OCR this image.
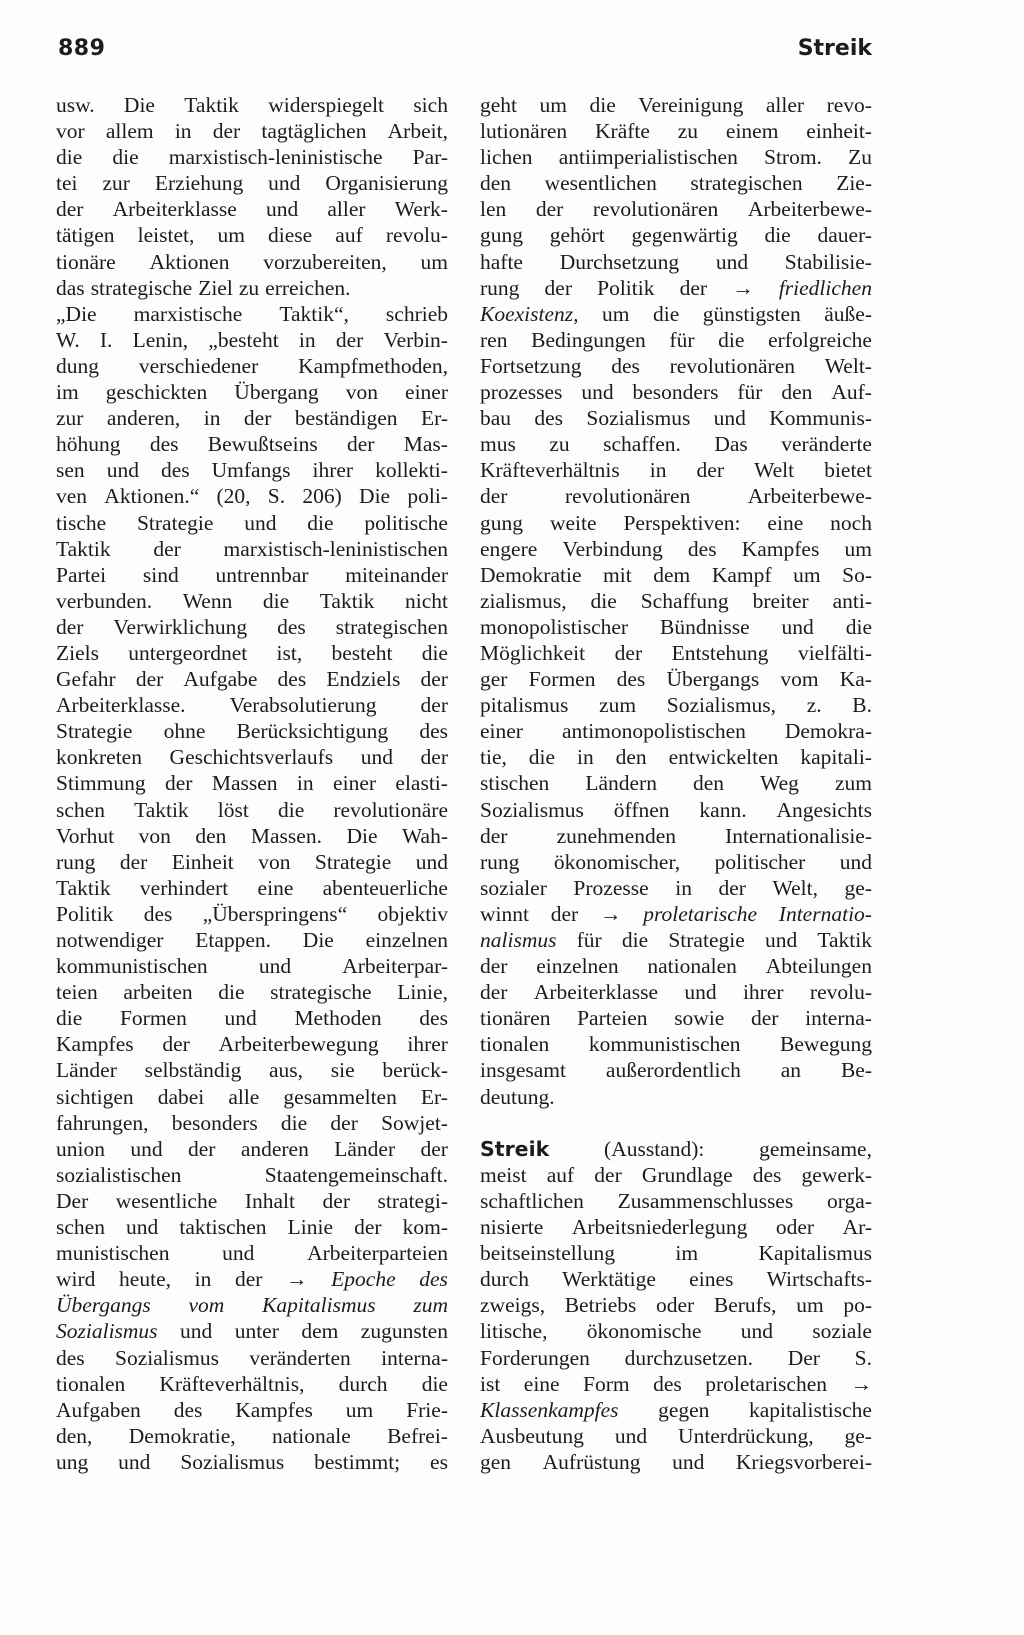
889	Streik
usw. Die Taktik widerspiegelt sich
vor allem in der tagtäglichen Arbeit,
die die marxistisch-leninistische Par-
tei zur Erziehung und Organisierung
der Arbeiterklasse und aller Werk-
tätigen leistet, um diese auf revolu-
tionäre Aktionen vorzubereiten, um
das strategische Ziel zu erreichen.
„Die marxistische Taktik“, schrieb
W. I. Lenin, „besteht in der Verbin-
dung verschiedener Kampfmethoden,
im geschickten Übergang von einer
zur anderen, in der beständigen Er-
höhung des Bewußtseins der Mas-
sen und des Umfangs ihrer kollekti-
ven Aktionen.“ (20, S. 206) Die poli-
tische Strategie und die politische
Taktik der marxistisch-leninistischen
Partei sind untrennbar miteinander
verbunden. Wenn die Taktik nicht
der Verwirklichung des strategischen
Ziels untergeordnet ist, besteht die
Gefahr der Aufgabe des Endziels der
Arbeiterklasse. Verabsolutierung der
Strategie ohne Berücksichtigung des
konkreten Geschichtsverlaufs und der
Stimmung der Massen in einer elasti-
schen Taktik löst die revolutionäre
Vorhut von den Massen. Die Wah-
rung der Einheit von Strategie und
Taktik verhindert eine abenteuerliche
Politik des „Überspringens“ objektiv
notwendiger Etappen. Die einzelnen
kommunistischen und Arbeiterpar-
teien arbeiten die strategische Linie,
die Formen und Methoden des
Kampfes der Arbeiterbewegung ihrer
Länder selbständig aus, sie berück-
sichtigen dabei alle gesammelten Er-
fahrungen, besonders die der Sowjet-
union und der anderen Länder der
sozialistischen	Staatengemeinschaft.
Der wesentliche Inhalt der strategi-
schen und taktischen Linie der kom-
munistischen und Arbeiterparteien
wird heute, in der → Epoche des
Übergangs vom Kapitalismus zum
Sozialismus und unter dem zugunsten
des Sozialismus veränderten interna-
tionalen Kräfteverhältnis, durch die
Aufgaben des Kampfes um Frie-
den, Demokratie, nationale Befrei-
ung und Sozialismus bestimmt; es
geht um die Vereinigung aller revo-
lutionären Kräfte zu einem einheit-
lichen antiimperialistischen Strom. Zu
den wesentlichen strategischen Zie-
len der revolutionären Arbeiterbewe-
gung gehört gegenwärtig die dauer-
hafte Durchsetzung und Stabilisie-
rung der Politik der → friedlichen
Koexistenz, um die günstigsten äuße-
ren Bedingungen für die erfolgreiche
Fortsetzung des revolutionären Welt-
prozesses und besonders für den Auf-
bau des Sozialismus und Kommunis-
mus zu schaffen. Das veränderte
Kräfteverhältnis in der Welt bietet
der	revolutionären	Arbeiterbewe-
gung weite Perspektiven: eine noch
engere Verbindung des Kampfes um
Demokratie mit dem Kampf um So-
zialismus, die Schaffung breiter anti-
monopolistischer Bündnisse und die
Möglichkeit der Entstehung vielfälti-
ger Formen des Übergangs vom Ka-
pitalismus zum Sozialismus, z. B.
einer antimonopolistischen Demokra-
tie, die in den entwickelten kapitali-
stischen Ländern den Weg zum
Sozialismus öffnen kann. Angesichts
der zunehmenden Internationalisie-
rung ökonomischer, politischer und
sozialer Prozesse in der Welt, ge-
winnt der → proletarische Internatio-
nalismus für die Strategie und Taktik
der einzelnen nationalen Abteilungen
der Arbeiterklasse und ihrer revolu-
tionären Parteien sowie der interna-
tionalen kommunistischen Bewegung
insgesamt außerordentlich an Be-
deutung.
Streik	(Ausstand):	gemeinsame,
meist auf der Grundlage des gewerk-
schaftlichen Zusammenschlusses orga-
nisierte Arbeitsniederlegung oder Ar-
beitseinstellung	im	Kapitalismus
durch Werktätige eines Wirtschafts-
zweigs, Betriebs oder Berufs, um po-
litische, ökonomische und soziale
Forderungen durchzusetzen. Der S.
ist eine Form des proletarischen →
Klassenkampfes gegen kapitalistische
Ausbeutung und Unterdrückung, ge-
gen Aufrüstung und Kriegsvorberei-
